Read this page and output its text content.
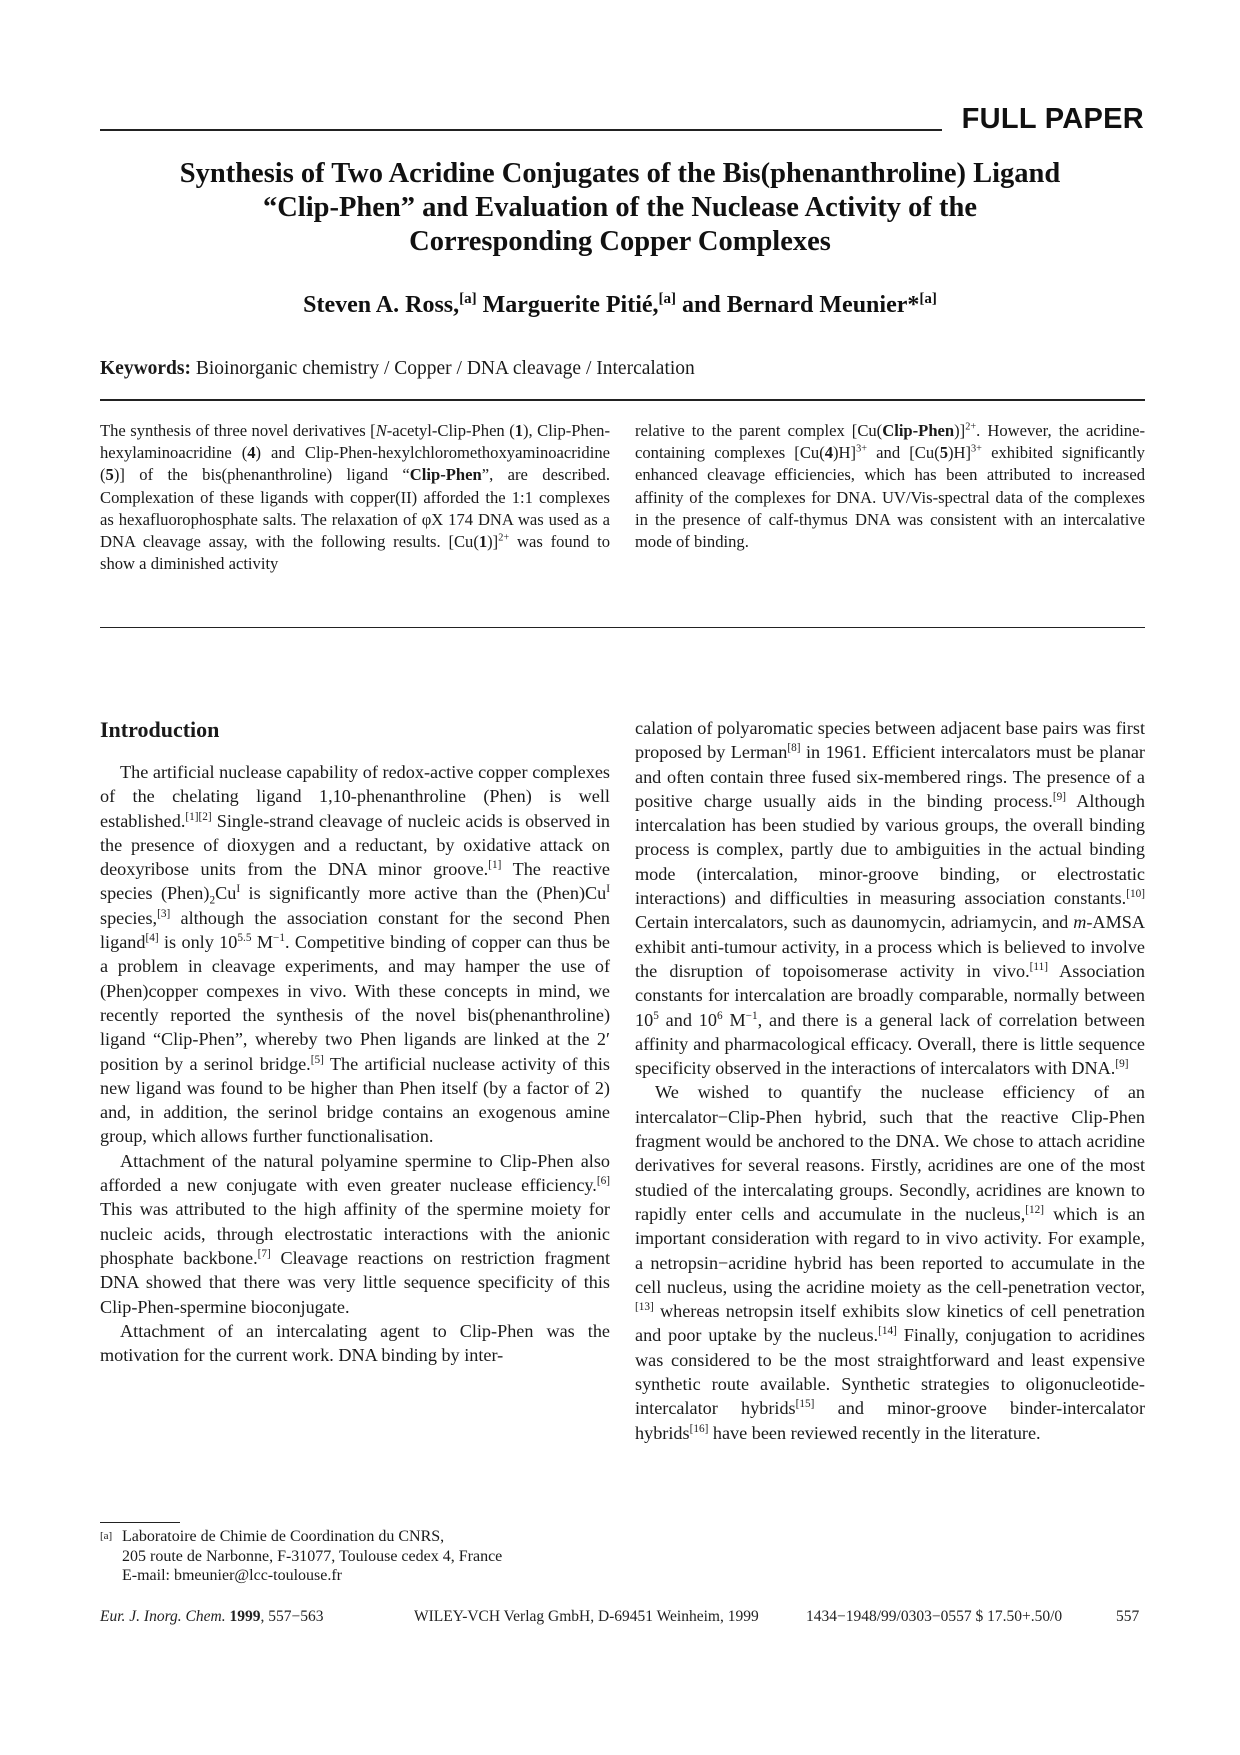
FULL PAPER
Synthesis of Two Acridine Conjugates of the Bis(phenanthroline) Ligand
“Clip-Phen” and Evaluation of the Nuclease Activity of the
Corresponding Copper Complexes
Steven A. Ross,[a] Marguerite Pitié,[a] and Bernard Meunier*[a]
Keywords: Bioinorganic chemistry / Copper / DNA cleavage / Intercalation

The synthesis of three novel derivatives [N-acetyl-Clip-Phen (1), Clip-Phen-hexylaminoacridine (4) and Clip-Phen-hexylchloromethoxyaminoacridine (5)] of the bis(phenanthroline) ligand “Clip-Phen”, are described. Complexation of these ligands with copper(II) afforded the 1:1 complexes as hexafluorophosphate salts. The relaxation of φX 174 DNA was used as a DNA cleavage assay, with the following results. $[Cu(1)]^{2+}$ was found to show a diminished activity

relative to the parent complex [Cu(Clip-Phen)]$^{2+}$. However, the acridine-containing complexes $[Cu(4)H]^{3+}$ and $[Cu(5)H]^{3+}$ exhibited significantly enhanced cleavage efficiencies, which has been attributed to increased affinity of the complexes for DNA. UV/Vis-spectral data of the complexes in the presence of calf-thymus DNA was consistent with an intercalative mode of binding.

Introduction

The artificial nuclease capability of redox-active copper complexes of the chelating ligand 1,10-phenanthroline (Phen) is well established.[1][2] Single-strand cleavage of nucleic acids is observed in the presence of dioxygen and a reductant, by oxidative attack on deoxyribose units from the DNA minor groove.[1] The reactive species $(Phen)_2Cu^I$ is significantly more active than the $(Phen)Cu^I$ species,[3] although the association constant for the second Phen ligand[4] is only $10^{5.5}$ $M^{-1}$. Competitive binding of copper can thus be a problem in cleavage experiments, and may hamper the use of (Phen)copper compexes in vivo. With these concepts in mind, we recently reported the synthesis of the novel bis(phenanthroline) ligand “Clip-Phen”, whereby two Phen ligands are linked at the 2′ position by a serinol bridge.[5] The artificial nuclease activity of this new ligand was found to be higher than Phen itself (by a factor of 2) and, in addition, the serinol bridge contains an exogenous amine group, which allows further functionalisation.

Attachment of the natural polyamine spermine to Clip-Phen also afforded a new conjugate with even greater nuclease efficiency.[6] This was attributed to the high affinity of the spermine moiety for nucleic acids, through electrostatic interactions with the anionic phosphate backbone.[7] Cleavage reactions on restriction fragment DNA showed that there was very little sequence specificity of this Clip-Phen-spermine bioconjugate.

Attachment of an intercalating agent to Clip-Phen was the motivation for the current work. DNA binding by inter-

calation of polyaromatic species between adjacent base pairs was first proposed by Lerman[8] in 1961. Efficient intercalators must be planar and often contain three fused six-membered rings. The presence of a positive charge usually aids in the binding process.[9] Although intercalation has been studied by various groups, the overall binding process is complex, partly due to ambiguities in the actual binding mode (intercalation, minor-groove binding, or electrostatic interactions) and difficulties in measuring association constants.[10] Certain intercalators, such as daunomycin, adriamycin, and m-AMSA exhibit anti-tumour activity, in a process which is believed to involve the disruption of topoisomerase activity in vivo.[11] Association constants for intercalation are broadly comparable, normally between $10^5$ and $10^6$ $M^{-1}$, and there is a general lack of correlation between affinity and pharmacological efficacy. Overall, there is little sequence specificity observed in the interactions of intercalators with DNA.[9]

We wished to quantify the nuclease efficiency of an intercalator−Clip-Phen hybrid, such that the reactive Clip-Phen fragment would be anchored to the DNA. We chose to attach acridine derivatives for several reasons. Firstly, acridines are one of the most studied of the intercalating groups. Secondly, acridines are known to rapidly enter cells and accumulate in the nucleus,[12] which is an important consideration with regard to in vivo activity. For example, a netropsin−acridine hybrid has been reported to accumulate in the cell nucleus, using the acridine moiety as the cell-penetration vector,[13] whereas netropsin itself exhibits slow kinetics of cell penetration and poor uptake by the nucleus.[14] Finally, conjugation to acridines was considered to be the most straightforward and least expensive synthetic route available. Synthetic strategies to oligonucleotide-intercalator hybrids[15] and minor-groove binder-intercalator hybrids[16] have been reviewed recently in the literature.

[a] Laboratoire de Chimie de Coordination du CNRS,
205 route de Narbonne, F-31077, Toulouse cedex 4, France
E-mail: bmeunier@lcc-toulouse.fr
Eur. J. Inorg. Chem. 1999, 557−563	WILEY-VCH Verlag GmbH, D-69451 Weinheim, 1999	1434−1948/99/0303−0557 $ 17.50+.50/0	557
